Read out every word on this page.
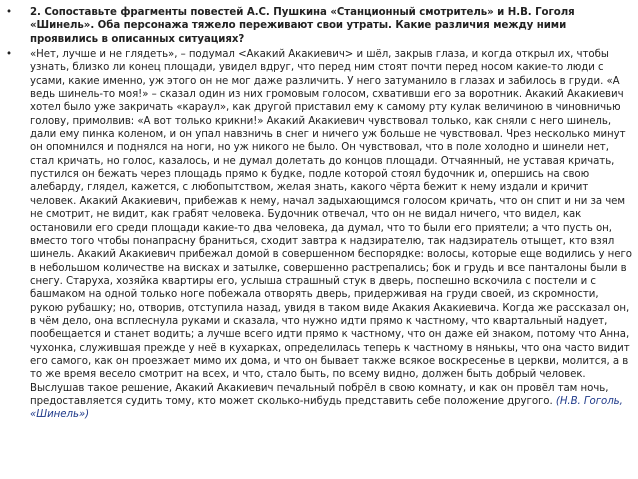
•	2. Сопоставьте фрагменты повестей А.С. Пушкина «Станционный смотритель» и Н.В. Гоголя «Шинель». Оба персонажа тяжело переживают свои утраты. Какие различия между ними проявились в описанных ситуациях?
•	«Нет, лучше и не глядеть», – подумал <Акакий Акакиевич> и шёл, закрыв глаза, и когда открыл их, чтобы узнать, близко ли конец площади, увидел вдруг, что перед ним стоят почти перед носом какие-то люди с усами, какие именно, уж этого он не мог даже различить. У него затуманило в глазах и забилось в груди. «А ведь шинель-то моя!» – сказал один из них громовым голосом, схвативши его за воротник. Акакий Акакиевич хотел было уже закричать «караул», как другой приставил ему к самому рту кулак величиною в чиновничью голову, примолвив: «А вот только крикни!» Акакий Акакиевич чувствовал только, как сняли с него шинель, дали ему пинка коленом, и он упал навзничь в снег и ничего уж больше не чувствовал. Чрез несколько минут он опомнился и поднялся на ноги, но уж никого не было. Он чувствовал, что в поле холодно и шинели нет, стал кричать, но голос, казалось, и не думал долетать до концов площади. Отчаянный, не уставая кричать, пустился он бежать через площадь прямо к будке, подле которой стоял будочник и, опершись на свою алебарду, глядел, кажется, с любопытством, желая знать, какого чёрта бежит к нему издали и кричит человек. Акакий Акакиевич, прибежав к нему, начал задыхающимся голосом кричать, что он спит и ни за чем не смотрит, не видит, как грабят человека. Будочник отвечал, что он не видал ничего, что видел, как остановили его среди площади какие-то два человека, да думал, что то были его приятели; а что пусть он, вместо того чтобы понапрасну браниться, сходит завтра к надзирателю, так надзиратель отыщет, кто взял шинель. Акакий Акакиевич прибежал домой в совершенном беспорядке: волосы, которые еще водились у него в небольшом количестве на висках и затылке, совершенно растрепались; бок и грудь и все панталоны были в снегу. Старуха, хозяйка квартиры его, услыша страшный стук в дверь, поспешно вскочила с постели и с башмаком на одной только ноге побежала отворять дверь, придерживая на груди своей, из скромности, рукою рубашку; но, отворив, отступила назад, увидя в таком виде Акакия Акакиевича. Когда же рассказал он, в чём дело, она всплеснула руками и сказала, что нужно идти прямо к частному, что квартальный надует, пообещается и станет водить; а лучше всего идти прямо к частному, что он даже ей знаком, потому что Анна, чухонка, служившая прежде у неё в кухарках, определилась теперь к частному в нянькы, что она часто видит его самого, как он проезжает мимо их дома, и что он бывает также всякое воскресенье в церкви, молится, а в то же время весело смотрит на всех, и что, стало быть, по всему видно, должен быть добрый человек. Выслушав такое решение, Акакий Акакиевич печальный побрёл в свою комнату, и как он провёл там ночь, предоставляется судить тому, кто может сколько-нибудь представить себе положение другого. (Н.В. Гоголь, «Шинель»)
